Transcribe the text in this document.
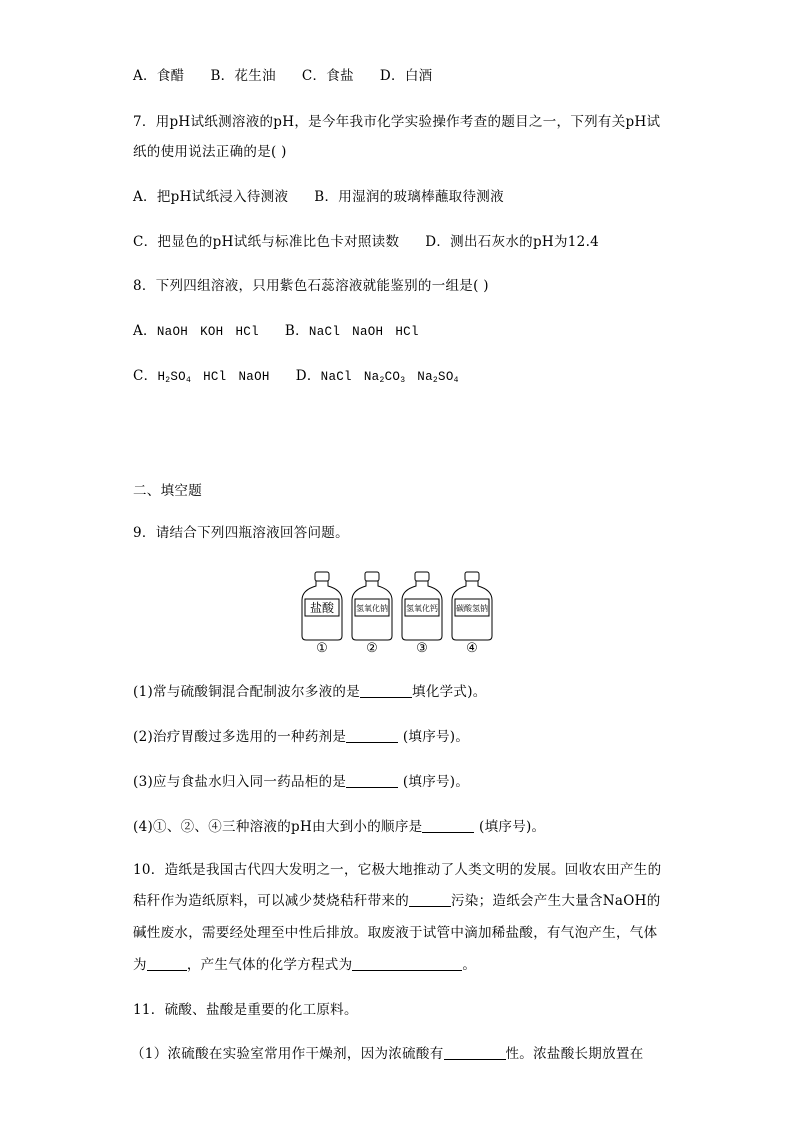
A．食醋 B．花生油 C．食盐 D．白酒
7．用pH试纸测溶液的pH，是今年我市化学实验操作考查的题目之一，下列有关pH试
纸的使用说法正确的是( )
A．把pH试纸浸入待测液 B．用湿润的玻璃棒蘸取待测液
C．把显色的pH试纸与标准比色卡对照读数 D．测出石灰水的pH为12.4
8．下列四组溶液，只用紫色石蕊溶液就能鉴别的一组是( )
A．NaOH KOH HCl B．NaCl NaOH HCl
C．$H_2SO_4$ HCl NaOH D．NaCl $Na_2CO_3$ $Na_2SO_4$
二、填空题
9．请结合下列四瓶溶液回答问题。
盐酸
①
氢氧化钠
②
氢氧化钙
③
碳酸氢钠
④
(1)常与硫酸铜混合配制波尔多液的是	填化学式)。
(2)治疗胃酸过多选用的一种药剂是	(填序号)。
(3)应与食盐水归入同一药品柜的是	(填序号)。
(4)①、②、④三种溶液的pH由大到小的顺序是	(填序号)。
10．造纸是我国古代四大发明之一，它极大地推动了人类文明的发展。回收农田产生的
秸秆作为造纸原料，可以减少焚烧秸秆带来的	污染；造纸会产生大量含NaOH的
碱性废水，需要经处理至中性后排放。取废液于试管中滴加稀盐酸，有气泡产生，气体
为	，产生气体的化学方程式为	。
11．硫酸、盐酸是重要的化工原料。
（1）浓硫酸在实验室常用作干燥剂，因为浓硫酸有	性。浓盐酸长期放置在
